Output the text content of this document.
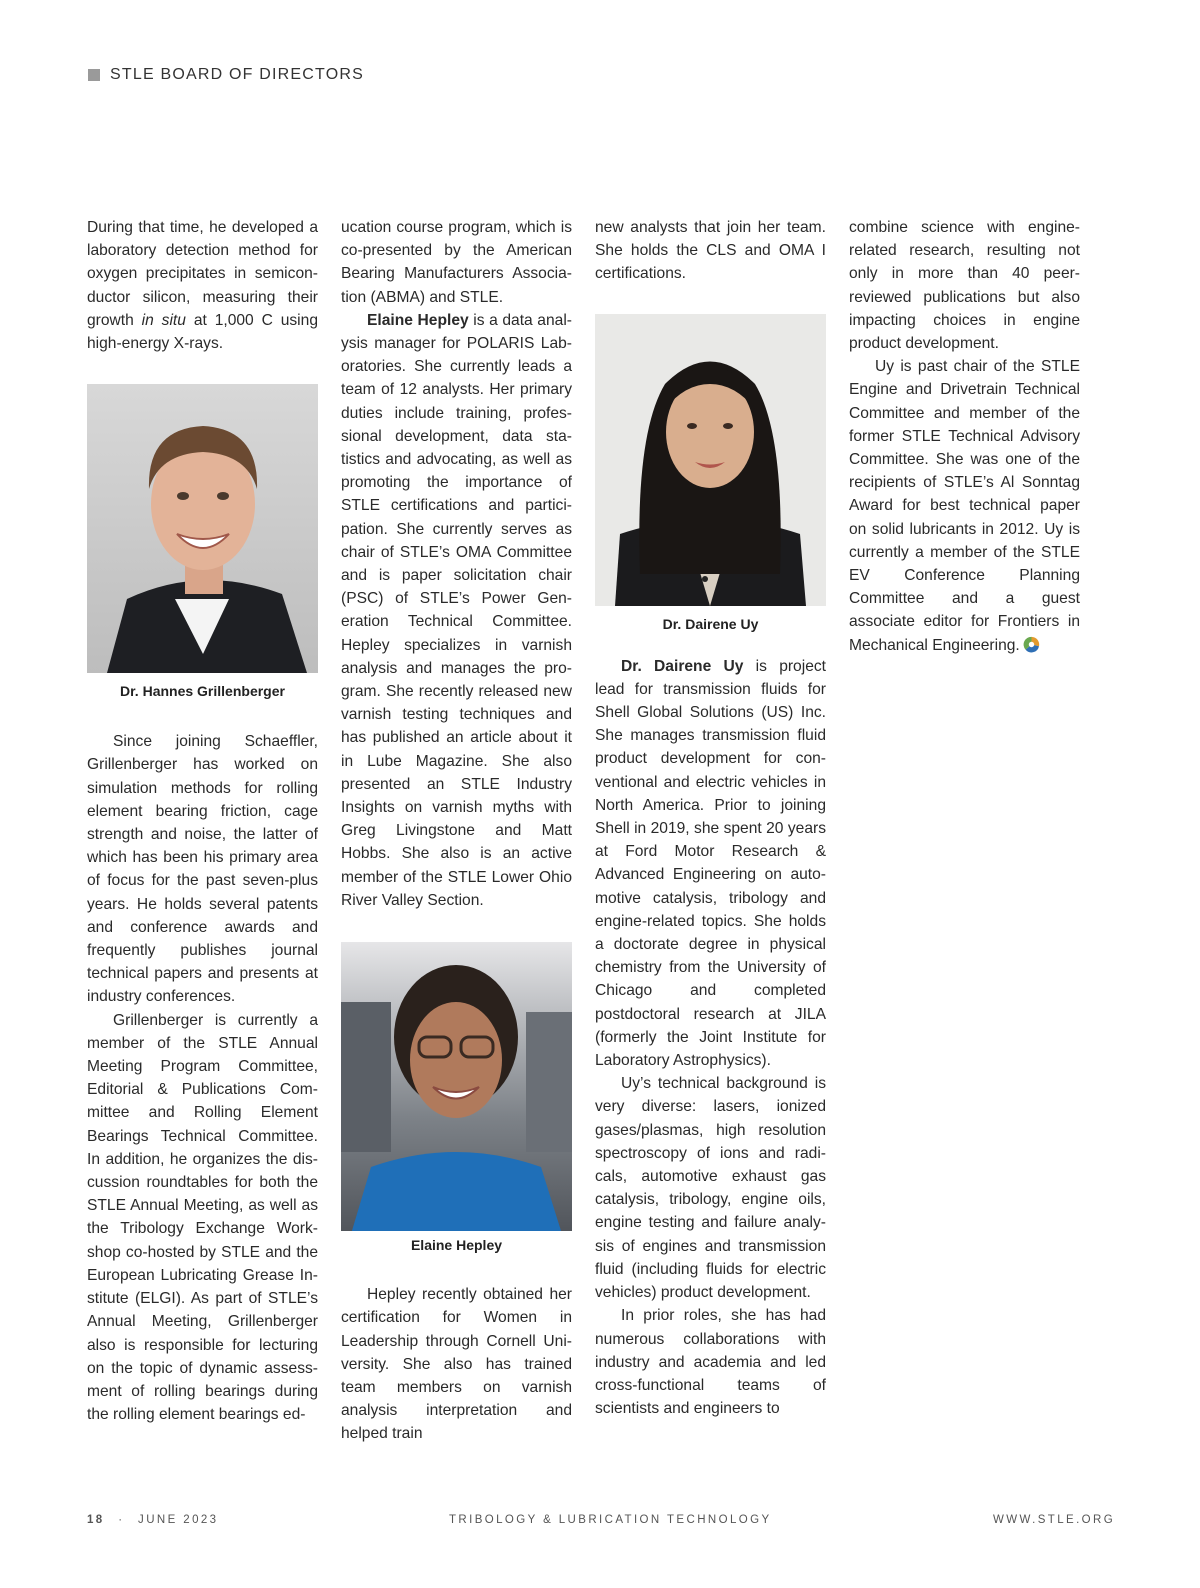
STLE BOARD OF DIRECTORS

During that time, he developed a laboratory detection method for oxygen precipitates in semiconductor silicon, measuring their growth in situ at 1,000 C using high-energy X-rays.

Dr. Hannes Grillenberger

Since joining Schaeffler, Grillenberger has worked on simulation methods for rolling element bearing friction, cage strength and noise, the latter of which has been his primary area of focus for the past seven-plus years. He holds several patents and conference awards and frequently publishes journal technical papers and presents at industry conferences.

Grillenberger is currently a member of the STLE Annual Meeting Program Committee, Editorial & Publications Committee and Rolling Element Bearings Technical Committee. In addition, he organizes the discussion roundtables for both the STLE Annual Meeting, as well as the Tribology Exchange Workshop co-hosted by STLE and the European Lubricating Grease Institute (ELGI). As part of STLE’s Annual Meeting, Grillenberger also is responsible for lecturing on the topic of dynamic assessment of rolling bearings during the rolling element bearings ed-

ucation course program, which is co-presented by the American Bearing Manufacturers Association (ABMA) and STLE.

Elaine Hepley is a data analysis manager for POLARIS Laboratories. She currently leads a team of 12 analysts. Her primary duties include training, professional development, data statistics and advocating, as well as promoting the importance of STLE certifications and participation. She currently serves as chair of STLE’s OMA Committee and is paper solicitation chair (PSC) of STLE’s Power Generation Technical Committee. Hepley specializes in varnish analysis and manages the program. She recently released new varnish testing techniques and has published an article about it in Lube Magazine. She also presented an STLE Industry Insights on varnish myths with Greg Livingstone and Matt Hobbs. She also is an active member of the STLE Lower Ohio River Valley Section.

Elaine Hepley

Hepley recently obtained her certification for Women in Leadership through Cornell University. She also has trained team members on varnish analysis interpretation and helped train

new analysts that join her team. She holds the CLS and OMA I certifications.

Dr. Dairene Uy

Dr. Dairene Uy is project lead for transmission fluids for Shell Global Solutions (US) Inc. She manages transmission fluid product development for conventional and electric vehicles in North America. Prior to joining Shell in 2019, she spent 20 years at Ford Motor Research & Advanced Engineering on automotive catalysis, tribology and engine-related topics. She holds a doctorate degree in physical chemistry from the University of Chicago and completed postdoctoral research at JILA (formerly the Joint Institute for Laboratory Astrophysics).

Uy’s technical background is very diverse: lasers, ionized gases/plasmas, high resolution spectroscopy of ions and radicals, automotive exhaust gas catalysis, tribology, engine oils, engine testing and failure analysis of engines and transmission fluid (including fluids for electric vehicles) product development.

In prior roles, she has had numerous collaborations with industry and academia and led cross-functional teams of scientists and engineers to

combine science with engine-related research, resulting not only in more than 40 peer-reviewed publications but also impacting choices in engine product development.

Uy is past chair of the STLE Engine and Drivetrain Technical Committee and member of the former STLE Technical Advisory Committee. She was one of the recipients of STLE’s Al Sonntag Award for best technical paper on solid lubricants in 2012. Uy is currently a member of the STLE EV Conference Planning Committee and a guest associate editor for Frontiers in Mechanical Engineering.

18 · JUNE 2023	TRIBOLOGY & LUBRICATION TECHNOLOGY	WWW.STLE.ORG
